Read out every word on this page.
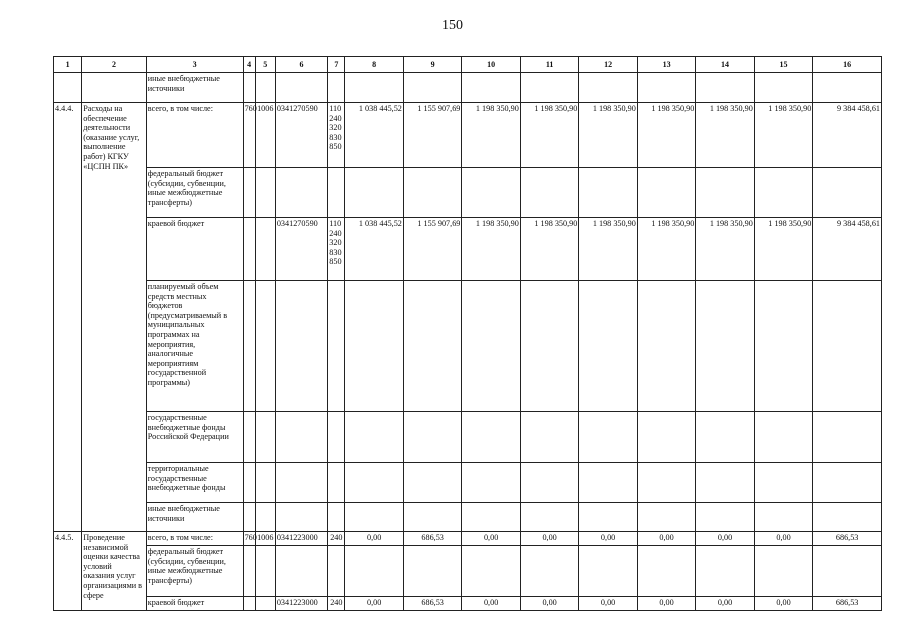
150
1	2	3	4	5	6	7	8	9	10	11	12	13	14	15	16
		иные внебюджетные источники													
4.4.4.	Расходы на обеспечение деятельности (оказание услуг, выполнение работ) КГКУ «ЦСПН ПК»	всего, в том числе:	760	1006	0341270590	110 240 320 830 850	1 038 445,52	1 155 907,69	1 198 350,90	1 198 350,90	1 198 350,90	1 198 350,90	1 198 350,90	1 198 350,90	9 384 458,61
		федеральный бюджет (субсидии, субвенции, иные межбюджетные трансферты)													
		краевой бюджет			0341270590	110 240 320 830 850	1 038 445,52	1 155 907,69	1 198 350,90	1 198 350,90	1 198 350,90	1 198 350,90	1 198 350,90	1 198 350,90	9 384 458,61
		планируемый объем средств местных бюджетов (предусматриваемый в муниципальных программах на мероприятия, аналогичные мероприятиям государственной программы)													
		государственные внебюджетные фонды Российской Федерации													
		территориальные государственные внебюджетные фонды													
		иные внебюджетные источники													
4.4.5.	Проведение независимой оценки качества условий оказания услуг организациями в сфере	всего, в том числе:	760	1006	0341223000	240	0,00	686,53	0,00	0,00	0,00	0,00	0,00	0,00	686,53
		федеральный бюджет (субсидии, субвенции, иные межбюджетные трансферты)													
		краевой бюджет			0341223000	240	0,00	686,53	0,00	0,00	0,00	0,00	0,00	0,00	686,53
